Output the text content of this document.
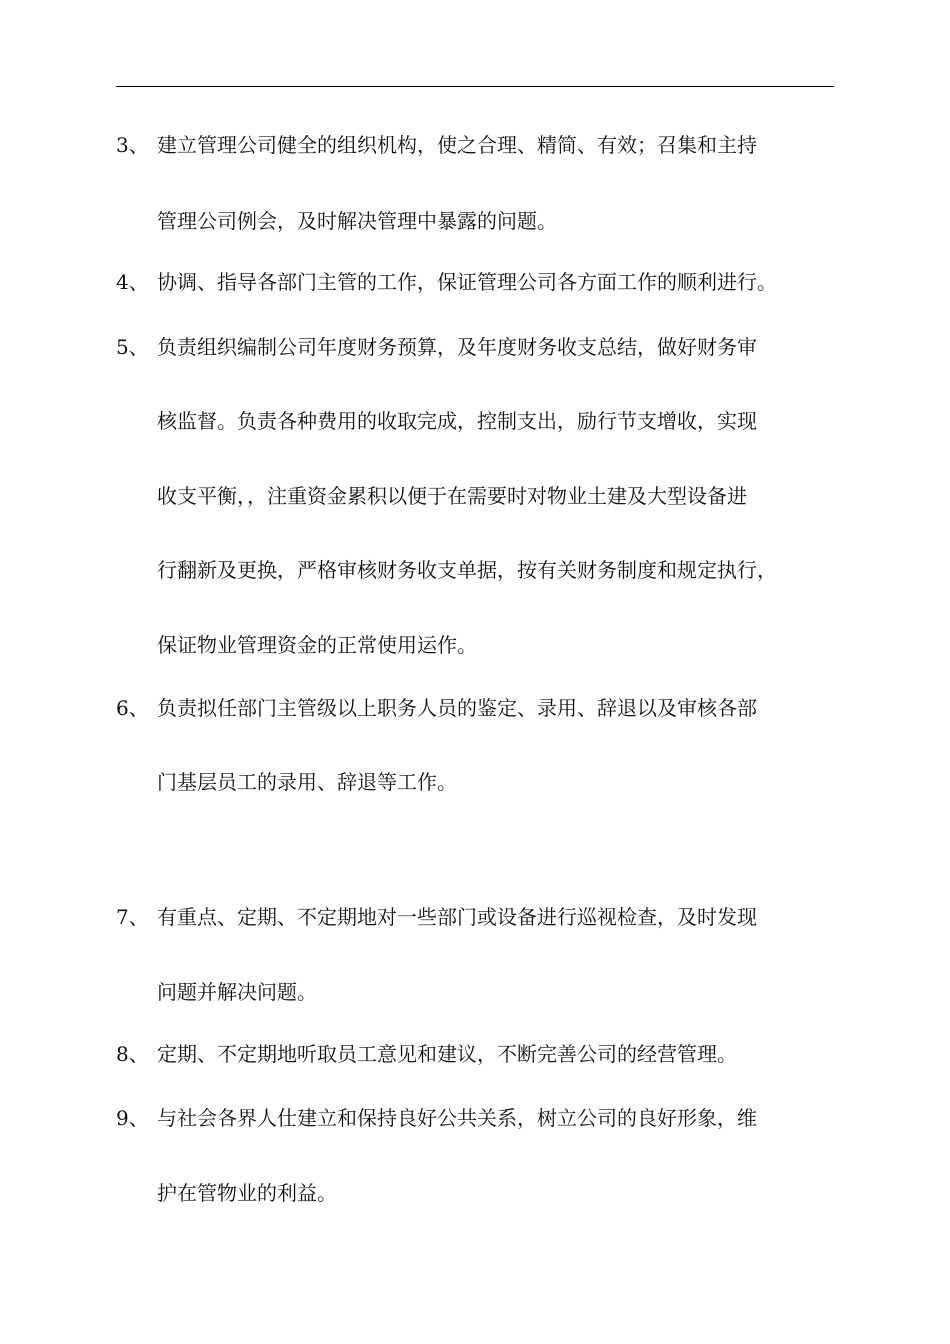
3、 建立管理公司健全的组织机构，使之合理、精简、有效；召集和主持
管理公司例会，及时解决管理中暴露的问题。
4、 协调、指导各部门主管的工作，保证管理公司各方面工作的顺利进行。
5、 负责组织编制公司年度财务预算，及年度财务收支总结，做好财务审
核监督。负责各种费用的收取完成，控制支出，励行节支增收，实现
收支平衡，，注重资金累积以便于在需要时对物业土建及大型设备进
行翻新及更换，严格审核财务收支单据，按有关财务制度和规定执行，
保证物业管理资金的正常使用运作。
6、 负责拟任部门主管级以上职务人员的鉴定、录用、辞退以及审核各部
门基层员工的录用、辞退等工作。
7、 有重点、定期、不定期地对一些部门或设备进行巡视检查，及时发现
问题并解决问题。
8、 定期、不定期地听取员工意见和建议，不断完善公司的经营管理。
9、 与社会各界人仕建立和保持良好公共关系，树立公司的良好形象，维
护在管物业的利益。
